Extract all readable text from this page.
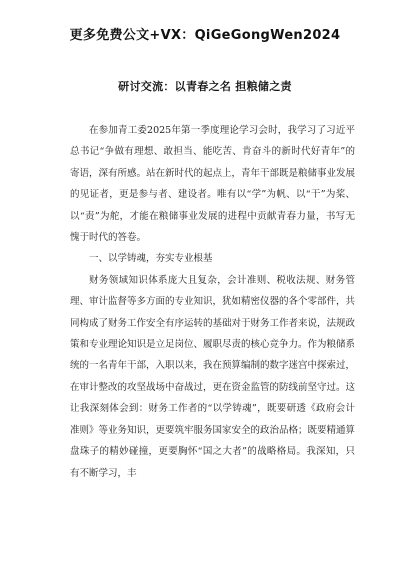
更多免费公文+VX：QiGeGongWen2024
研讨交流：以青春之名 担粮储之责

在参加青工委2025年第一季度理论学习会时，我学习了习近平总书记“争做有理想、敢担当、能吃苦、肯奋斗的新时代好青年”的寄语，深有所感。站在新时代的起点上，青年干部既是粮储事业发展的见证者，更是参与者、建设者。唯有以“学”为帆、以“干”为桨、以“责”为舵，才能在粮储事业发展的进程中贡献青春力量，书写无愧于时代的答卷。

一、以学铸魂，夯实专业根基

财务领域知识体系庞大且复杂，会计准则、税收法规、财务管理、审计监督等多方面的专业知识，犹如精密仪器的各个零部件，共同构成了财务工作安全有序运转的基础对于财务工作者来说，法规政策和专业理论知识是立足岗位、履职尽责的核心竞争力。作为粮储系统的一名青年干部，入职以来，我在预算编制的数字迷宫中探索过，在审计整改的攻坚战场中奋战过，更在资金监管的防线前坚守过。这让我深刻体会到：财务工作者的“以学铸魂”，既要研透《政府会计准则》等业务知识，更要筑牢服务国家安全的政治品格；既要精通算盘珠子的精妙碰撞，更要胸怀“国之大者”的战略格局。我深知，只有不断学习，丰
